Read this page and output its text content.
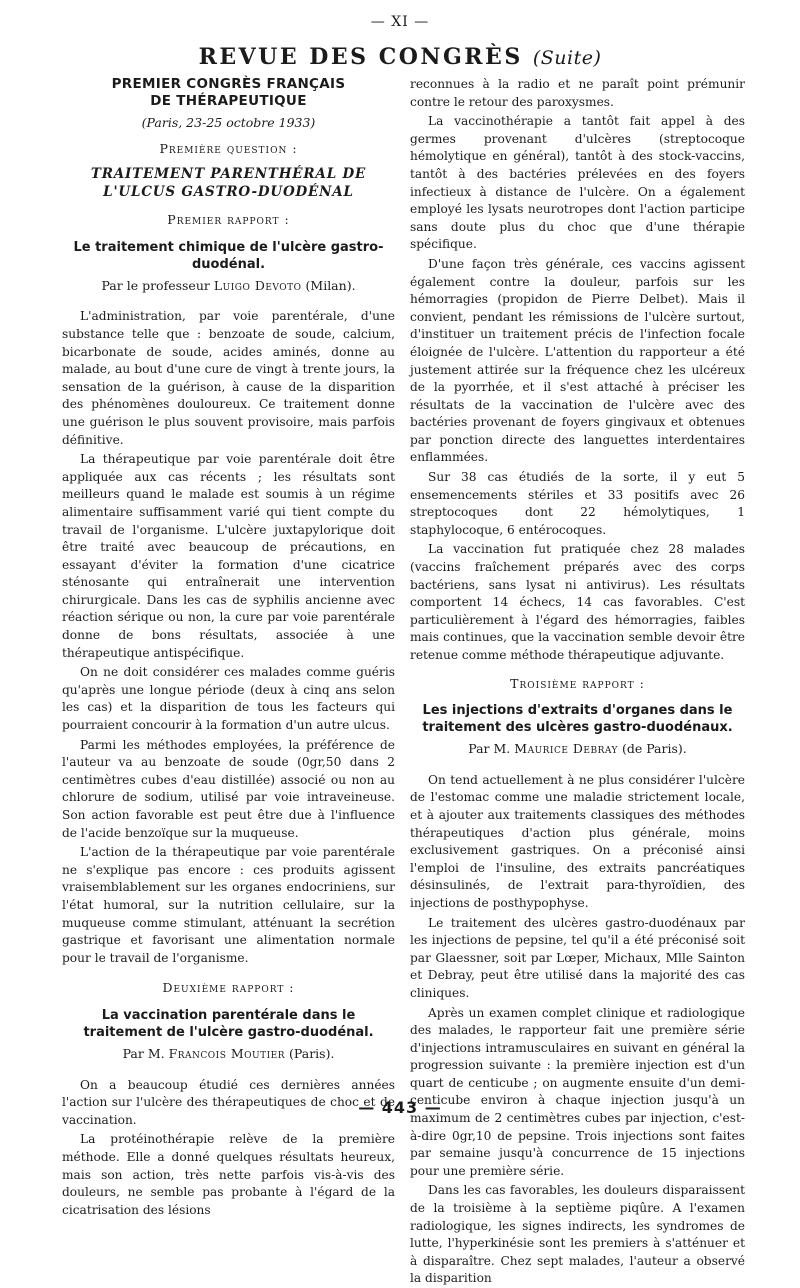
— XI —
REVUE DES CONGRÈS (Suite)
PREMIER CONGRÈS FRANÇAIS
DE THÉRAPEUTIQUE
(Paris, 23-25 octobre 1933)
Première question :
TRAITEMENT PARENTHÉRAL DE L'ULCUS GASTRO-DUODÉNAL
Premier rapport :
Le traitement chimique de l'ulcère gastro-duodénal.
Par le professeur Luigo Devoto (Milan).

L'administration, par voie parentérale, d'une substance telle que : benzoate de soude, calcium, bicarbonate de soude, acides aminés, donne au malade, au bout d'une cure de vingt à trente jours, la sensation de la guérison, à cause de la disparition des phénomènes douloureux. Ce traitement donne une guérison le plus souvent provisoire, mais parfois définitive.

La thérapeutique par voie parentérale doit être appliquée aux cas récents ; les résultats sont meilleurs quand le malade est soumis à un régime alimentaire suffisamment varié qui tient compte du travail de l'organisme. L'ulcère juxtapylorique doit être traité avec beaucoup de précautions, en essayant d'éviter la formation d'une cicatrice sténosante qui entraînerait une intervention chirurgicale. Dans les cas de syphilis ancienne avec réaction sérique ou non, la cure par voie parentérale donne de bons résultats, associée à une thérapeutique antispécifique.

On ne doit considérer ces malades comme guéris qu'après une longue période (deux à cinq ans selon les cas) et la disparition de tous les facteurs qui pourraient concourir à la formation d'un autre ulcus.

Parmi les méthodes employées, la préférence de l'auteur va au benzoate de soude (0gr,50 dans 2 centimètres cubes d'eau distillée) associé ou non au chlorure de sodium, utilisé par voie intraveineuse. Son action favorable est peut être due à l'influence de l'acide benzoïque sur la muqueuse.

L'action de la thérapeutique par voie parentérale ne s'explique pas encore : ces produits agissent vraisemblablement sur les organes endocriniens, sur l'état humoral, sur la nutrition cellulaire, sur la muqueuse comme stimulant, atténuant la secrétion gastrique et favorisant une alimentation normale pour le travail de l'organisme.

Deuxième rapport :
La vaccination parentérale dans le traitement de l'ulcère gastro-duodénal.
Par M. Francois Moutier (Paris).

On a beaucoup étudié ces dernières années l'action sur l'ulcère des thérapeutiques de choc et de vaccination.

La protéinothérapie relève de la première méthode. Elle a donné quelques résultats heureux, mais son action, très nette parfois vis-à-vis des douleurs, ne semble pas probante à l'égard de la cicatrisation des lésions

reconnues à la radio et ne paraît point prémunir contre le retour des paroxysmes.

La vaccinothérapie a tantôt fait appel à des germes provenant d'ulcères (streptocoque hémolytique en général), tantôt à des stock-vaccins, tantôt à des bactéries prélevées en des foyers infectieux à distance de l'ulcère. On a également employé les lysats neurotropes dont l'action participe sans doute plus du choc que d'une thérapie spécifique.

D'une façon très générale, ces vaccins agissent également contre la douleur, parfois sur les hémorragies (propidon de Pierre Delbet). Mais il convient, pendant les rémissions de l'ulcère surtout, d'instituer un traitement précis de l'infection focale éloignée de l'ulcère. L'attention du rapporteur a été justement attirée sur la fréquence chez les ulcéreux de la pyorrhée, et il s'est attaché à préciser les résultats de la vaccination de l'ulcère avec des bactéries provenant de foyers gingivaux et obtenues par ponction directe des languettes interdentaires enflammées.

Sur 38 cas étudiés de la sorte, il y eut 5 ensemencements stériles et 33 positifs avec 26 streptocoques dont 22 hémolytiques, 1 staphylocoque, 6 entérocoques.

La vaccination fut pratiquée chez 28 malades (vaccins fraîchement préparés avec des corps bactériens, sans lysat ni antivirus). Les résultats comportent 14 échecs, 14 cas favorables. C'est particulièrement à l'égard des hémorragies, faibles mais continues, que la vaccination semble devoir être retenue comme méthode thérapeutique adjuvante.

Troisième rapport :
Les injections d'extraits d'organes dans le traitement des ulcères gastro-duodénaux.
Par M. Maurice Debray (de Paris).

On tend actuellement à ne plus considérer l'ulcère de l'estomac comme une maladie strictement locale, et à ajouter aux traitements classiques des méthodes thérapeutiques d'action plus générale, moins exclusivement gastriques. On a préconisé ainsi l'emploi de l'insuline, des extraits pancréatiques désinsulinés, de l'extrait para-thyroïdien, des injections de posthypophyse.

Le traitement des ulcères gastro-duodénaux par les injections de pepsine, tel qu'il a été préconisé soit par Glaessner, soit par Lœper, Michaux, Mlle Sainton et Debray, peut être utilisé dans la majorité des cas cliniques.

Après un examen complet clinique et radiologique des malades, le rapporteur fait une première série d'injections intramusculaires en suivant en général la progression suivante : la première injection est d'un quart de centicube ; on augmente ensuite d'un demi-centicube environ à chaque injection jusqu'à un maximum de 2 centimètres cubes par injection, c'est-à-dire 0gr,10 de pepsine. Trois injections sont faites par semaine jusqu'à concurrence de 15 injections pour une première série.

Dans les cas favorables, les douleurs disparaissent de la troisième à la septième piqûre. A l'examen radiologique, les signes indirects, les syndromes de lutte, l'hyperkinésie sont les premiers à s'atténuer et à disparaître. Chez sept malades, l'auteur a observé la disparition

— 443 —
